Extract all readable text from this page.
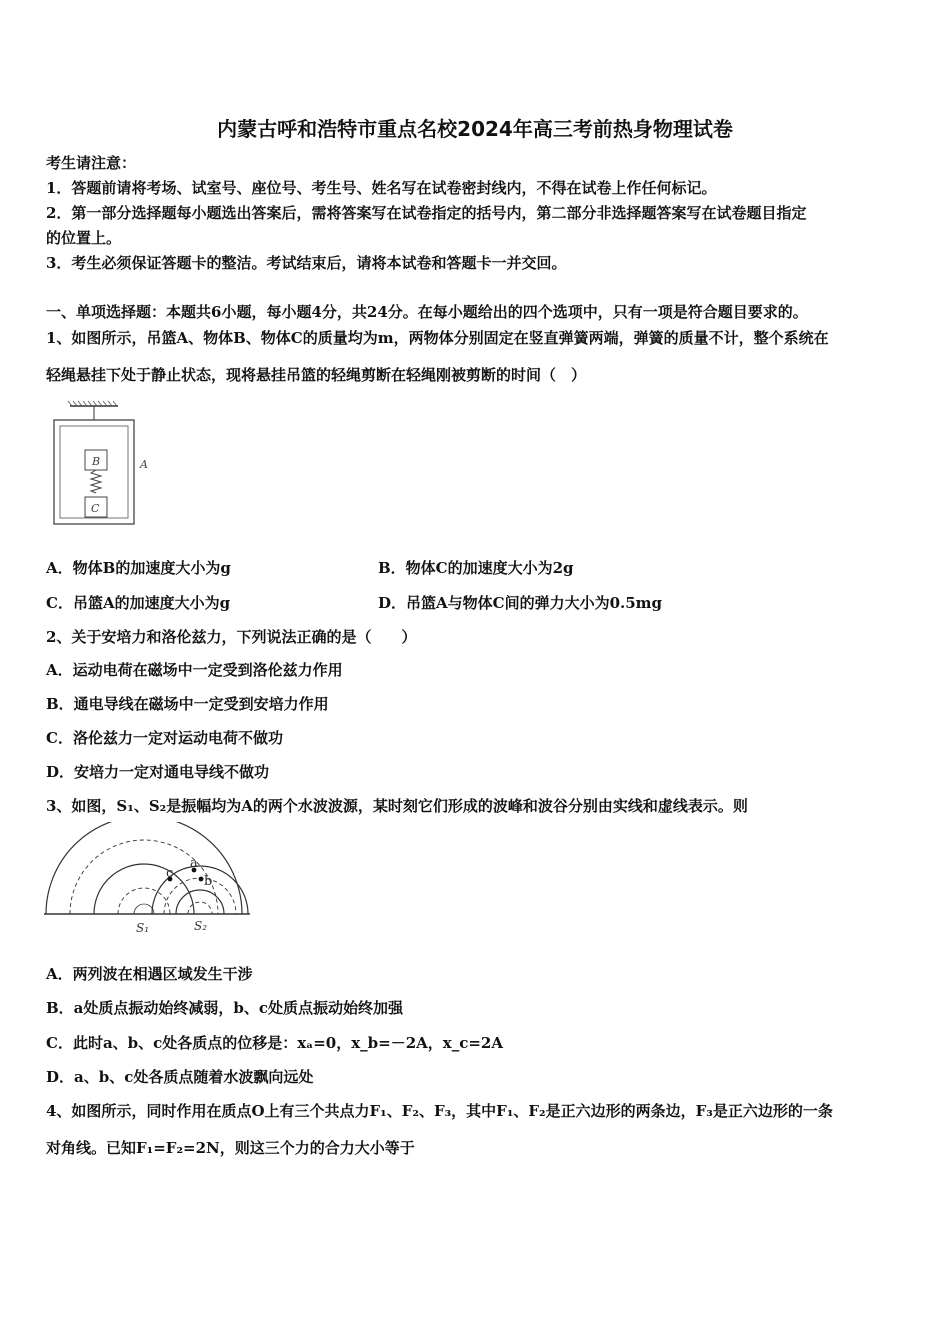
内蒙古呼和浩特市重点名校2024年高三考前热身物理试卷
考生请注意：
1．答题前请将考场、试室号、座位号、考生号、姓名写在试卷密封线内，不得在试卷上作任何标记。
2．第一部分选择题每小题选出答案后，需将答案写在试卷指定的括号内，第二部分非选择题答案写在试卷题目指定
的位置上。
3．考生必须保证答题卡的整洁。考试结束后，请将本试卷和答题卡一并交回。
一、单项选择题：本题共6小题，每小题4分，共24分。在每小题给出的四个选项中，只有一项是符合题目要求的。
1、如图所示，吊篮A、物体B、物体C的质量均为m，两物体分别固定在竖直弹簧两端，弹簧的质量不计，整个系统在
轻绳悬挂下处于静止状态，现将悬挂吊篮的轻绳剪断在轻绳刚被剪断的时间（　）
B
C
A
A．物体B的加速度大小为g	B．物体C的加速度大小为2g
C．吊篮A的加速度大小为g	D．吊篮A与物体C间的弹力大小为0.5mg
2、关于安培力和洛伦兹力，下列说法正确的是（　　）
A．运动电荷在磁场中一定受到洛伦兹力作用
B．通电导线在磁场中一定受到安培力作用
C．洛伦兹力一定对运动电荷不做功
D．安培力一定对通电导线不做功
3、如图，S₁、S₂是振幅均为A的两个水波波源，某时刻它们形成的波峰和波谷分别由实线和虚线表示。则
a
b
c
S₁	S₂
A．两列波在相遇区域发生干涉
B．a处质点振动始终减弱，b、c处质点振动始终加强
C．此时a、b、c处各质点的位移是：xₐ=0，x_b=－2A，x_c=2A
D．a、b、c处各质点随着水波飘向远处
4、如图所示，同时作用在质点O上有三个共点力F₁、F₂、F₃，其中F₁、F₂是正六边形的两条边，F₃是正六边形的一条
对角线。已知F₁=F₂=2N，则这三个力的合力大小等于
